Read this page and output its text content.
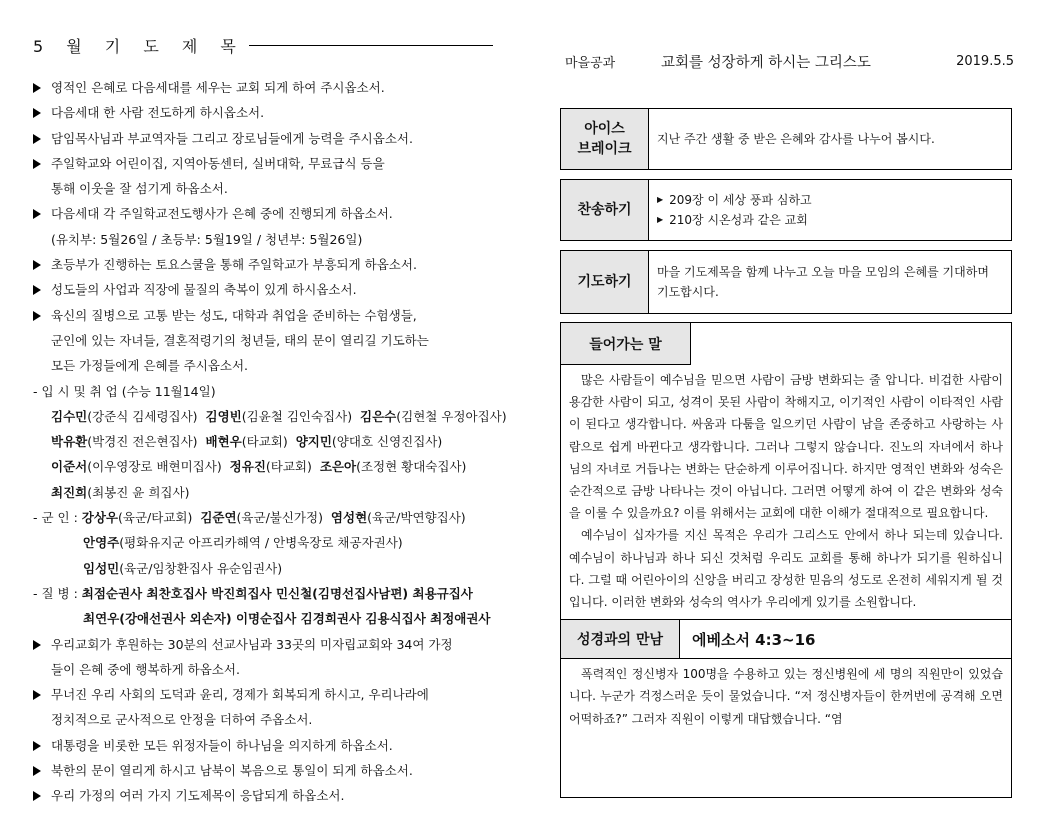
5 월 기 도 제 목
영적인 은혜로 다음세대를 세우는 교회 되게 하여 주시옵소서.
다음세대 한 사람 전도하게 하시옵소서.
담임목사님과 부교역자들 그리고 장로님들에게 능력을 주시옵소서.
주일학교와 어린이집, 지역아동센터, 실버대학, 무료급식 등을
통해 이웃을 잘 섬기게 하옵소서.
다음세대 각 주일학교전도행사가 은혜 중에 진행되게 하옵소서.
(유치부: 5월26일 / 초등부: 5월19일 / 청년부: 5월26일)
초등부가 진행하는 토요스쿨을 통해 주일학교가 부흥되게 하옵소서.
성도들의 사업과 직장에 물질의 축복이 있게 하시옵소서.
육신의 질병으로 고통 받는 성도, 대학과 취업을 준비하는 수험생들,
군인에 있는 자녀들, 결혼적령기의 청년들, 태의 문이 열리길 기도하는
모든 가정들에게 은혜를 주시옵소서.
- 입 시 및 취 업 (수능 11월14일)
김수민(강준식 김세령집사) 김영빈(김윤철 김인숙집사) 김은수(김현철 우정아집사)
박유환(박경진 전은현집사) 배현우(타교회) 양지민(양대호 신영진집사)
이준서(이우영장로 배현미집사) 정유진(타교회) 조은아(조정현 황대숙집사)
최진희(최봉진 윤 희집사)
- 군 인 : 강상우(육군/타교회) 김준연(육군/불신가정) 염성현(육군/박연향집사)
안영주(평화유지군 아프리카해역 / 안병욱장로 채공자권사)
임성민(육군/임창환집사 유순임권사)
- 질 병 : 최점순권사 최찬호집사 박진희집사 민신철(김명선집사남편) 최용규집사
최연우(강애선권사 외손자) 이명순집사 김경희권사 김용식집사 최정애권사
우리교회가 후원하는 30분의 선교사님과 33곳의 미자립교회와 34여 가정
들이 은혜 중에 행복하게 하옵소서.
무너진 우리 사회의 도덕과 윤리, 경제가 회복되게 하시고, 우리나라에
정치적으로 군사적으로 안정을 더하여 주옵소서.
대통령을 비롯한 모든 위정자들이 하나님을 의지하게 하옵소서.
북한의 문이 열리게 하시고 남북이 복음으로 통일이 되게 하옵소서.
우리 가정의 여러 가지 기도제목이 응답되게 하옵소서.
마을공과	교회를 성장하게 하시는 그리스도	2019.5.5
아이스
브레이크
지난 주간 생활 중 받은 은혜와 감사를 나누어 봅시다.
찬송하기
▶ 209장 이 세상 풍파 심하고
▶ 210장 시온성과 같은 교회
기도하기
마을 기도제목을 함께 나누고 오늘 마을 모임의 은혜를 기대하며 기도합시다.
들어가는 말

많은 사람들이 예수님을 믿으면 사람이 금방 변화되는 줄 압니다. 비겁한 사람이 용감한 사람이 되고, 성격이 못된 사람이 착해지고, 이기적인 사람이 이타적인 사람이 된다고 생각합니다. 싸움과 다툼을 일으키던 사람이 남을 존중하고 사랑하는 사람으로 쉽게 바뀐다고 생각합니다. 그러나 그렇지 않습니다. 진노의 자녀에서 하나님의 자녀로 거듭나는 변화는 단순하게 이루어집니다. 하지만 영적인 변화와 성숙은 순간적으로 금방 나타나는 것이 아닙니다. 그러면 어떻게 하여 이 같은 변화와 성숙을 이룰 수 있을까요? 이를 위해서는 교회에 대한 이해가 절대적으로 필요합니다.

예수님이 십자가를 지신 목적은 우리가 그리스도 안에서 하나 되는데 있습니다. 예수님이 하나님과 하나 되신 것처럼 우리도 교회를 통해 하나가 되기를 원하십니다. 그럴 때 어린아이의 신앙을 버리고 장성한 믿음의 성도로 온전히 세워지게 될 것입니다. 이러한 변화와 성숙의 역사가 우리에게 있기를 소원합니다.

성경과의 만남	에베소서 4:3~16

폭력적인 정신병자 100명을 수용하고 있는 정신병원에 세 명의 직원만이 있었습니다. 누군가 걱정스러운 듯이 물었습니다. “저 정신병자들이 한꺼번에 공격해 오면 어떡하죠?” 그러자 직원이 이렇게 대답했습니다. “염
